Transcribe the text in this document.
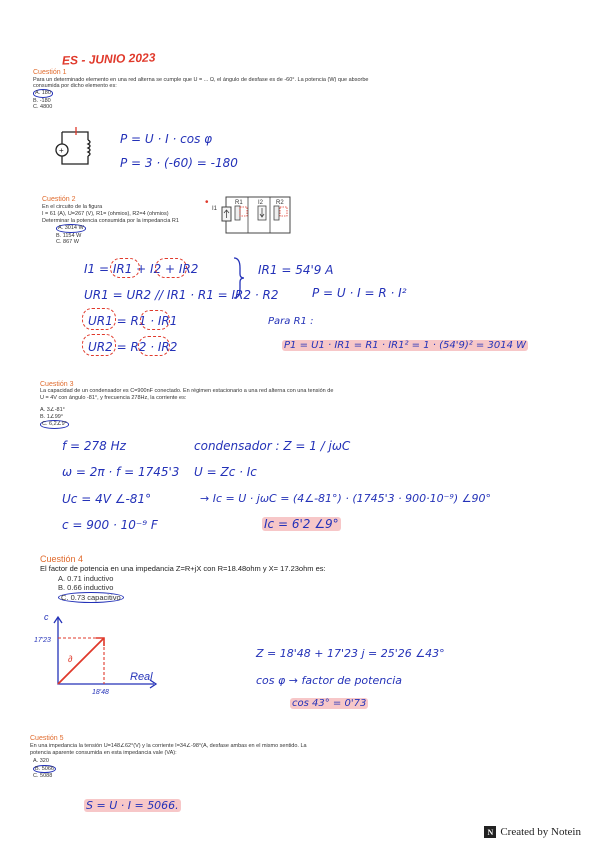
ES - JUNIO 2023
Cuestión 1
Para un determinado elemento en una red alterna se cumple que U = ... Ω, el ángulo de desfase es de -60°. La potencia (W) que absorbe
consumida por dicho elemento es:
A. 180
B. -180
C. 4800
+
P = U · I · cos φ
P = 3 · (-60) = -180
Cuestión 2
En el circuito de la figura
I = 61 (A), U=267 (V), R1= (ohmios), R2=4 (ohmios)
Determinar la potencia consumida por la impedancia R1
A. 3014 W
B. 1154 W
C. 867 W
•
I1
R1	I2 R2
I1 = IR1 + I2 + IR2
UR1 = UR2 // IR1 · R1 = IR2 · R2
UR1 = R1 · IR1
UR2 = R2 · IR2
IR1 = 54'9 A
P = U · I = R · I²
Para R1 :
P1 = U1 · IR1 = R1 · IR1² = 1 · (54'9)² = 3014 W
Cuestión 3
La capacidad de un condensador es C=900nF conectado. En régimen estacionario a una red alterna con una tensión de
U = 4V con ángulo -81°, y frecuencia 278Hz, la corriente es:
A. 3∠-81°
B. 1∠99°
C. 6,2∠9°
f = 278 Hz	condensador : Z = 1 / jωC
ω = 2π · f = 1745'3 U = Zc · Ic
Uc = 4V ∠-81°	→ Ic = U · jωC = (4∠-81°) · (1745'3 · 900·10⁻⁹) ∠90°
c = 900 · 10⁻⁹ F	Ic = 6'2 ∠9°
Cuestión 4
El factor de potencia en una impedancia Z=R+jX con R=18.48ohm y X= 17.23ohm es:
A. 0.71 inductivo
B. 0.66 inductivo
C. 0.73 capacitivo
c
17'23
18'48
Real
∂	Z = 18'48 + 17'23 j = 25'26 ∠43°
cos φ → factor de potencia
cos 43° = 0'73
Cuestión 5
En una impedancia la tensión U=148∠62°(V) y la corriente I=34∠-98°(A, desfase ambas en el mismo sentido. La
potencia aparente consumida en esta impedancia vale (VA):
A. 320
B. 5066
C. 5088
S = U · I = 5066.
N Created by Notein
